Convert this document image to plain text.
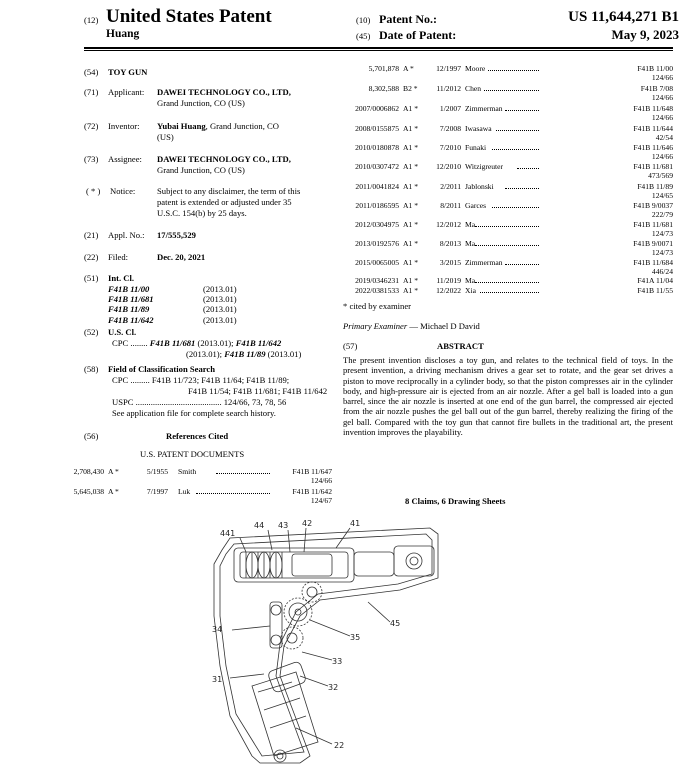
(12) United States Patent
Huang
(10) Patent No.:	US 11,644,271 B1
(45) Date of Patent:	May 9, 2023
(54) TOY GUN
(71) Applicant: DAWEI TECHNOLOGY CO., LTD,
Grand Junction, CO (US)
(72) Inventor: Yubai Huang, Grand Junction, CO
(US)
(73) Assignee: DAWEI TECHNOLOGY CO., LTD,
Grand Junction, CO (US)
( * ) Notice:	Subject to any disclaimer, the term of this
patent is extended or adjusted under 35
U.S.C. 154(b) by 25 days.
(21) Appl. No.: 17/555,529
(22) Filed:	Dec. 20, 2021
(51) Int. Cl.
F41B 11/00	(2013.01)
F41B 11/681	(2013.01)
F41B 11/89	(2013.01)
F41B 11/642	(2013.01)
(52) U.S. Cl.
CPC ........ F41B 11/681 (2013.01); F41B 11/642
(2013.01); F41B 11/89 (2013.01)
(58) Field of Classification Search
CPC ......... F41B 11/723; F41B 11/64; F41B 11/89;
F41B 11/54; F41B 11/681; F41B 11/642
USPC ........................................ 124/66, 73, 78, 56
See application file for complete search history.
(56)	References Cited
U.S. PATENT DOCUMENTS
2,708,430 A *	5/1955 Smith	F41B 11/647
124/66
5,645,038 A *	7/1997 Luk	F41B 11/642
124/67
5,701,878 A *	12/1997 Moore	F41B 11/00
124/66
8,302,588 B2 *	11/2012 Chen	F41B 7/08
124/66
2007/0006862 A1 *	1/2007 Zimmerman	F41B 11/648
124/66
2008/0155875 A1 *	7/2008 Iwasawa	F41B 11/644
42/54
2010/0180878 A1 *	7/2010 Funaki	F41B 11/646
124/66
2010/0307472 A1 *	12/2010 Witzigreuter	F41B 11/681
473/569
2011/0041824 A1 *	2/2011 Jablonski	F41B 11/89
124/65
2011/0186595 A1 *	8/2011 Garces	F41B 9/0037
222/79
2012/0304975 A1 *	12/2012 Ma	F41B 11/681
124/73
2013/0192576 A1 *	8/2013 Ma	F41B 9/0071
124/73
2015/0065005 A1 *	3/2015 Zimmerman	F41B 11/684
446/24
2019/0346231 A1 *	11/2019 Ma	F41A 11/04
2022/0381533 A1 *	12/2022 Xia	F41B 11/55
* cited by examiner
Primary Examiner — Michael D David
(57)	ABSTRACT
The present invention discloses a toy gun, and relates to the technical field of toys. In the present invention, a driving mechanism drives a gear set to rotate, and the gear set drives a piston to move reciprocally in a cylinder body, so that the piston compresses air in the cylinder body, and high-pressure air is ejected from an air nozzle. After a gel ball is loaded into a gun barrel, since the air nozzle is inserted at one end of the gun barrel, the compressed air ejected from the air nozzle pushes the gel ball out of the gun barrel, thereby realizing the firing of the gel ball. Compared with the toy gun that cannot fire bullets in the traditional art, the present invention improves the playability.
8 Claims, 6 Drawing Sheets
441
44 43 42	41
45
34
35
33
31
32
22
